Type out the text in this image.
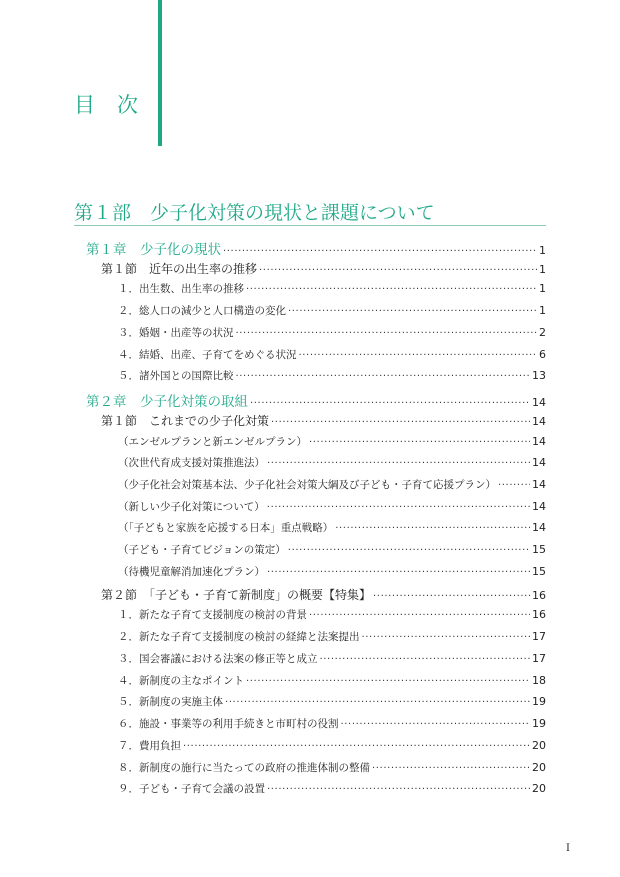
目 次
第１部　少子化対策の現状と課題について
第１章　少子化の現状 ·····	1
第１節　近年の出生率の推移 ·····	1
１．出生数、出生率の推移 ·····	1
２．総人口の減少と人口構造の変化 ·····	1
３．婚姻・出産等の状況 ·····	2
４．結婚、出産、子育てをめぐる状況 ·····	6
５．諸外国との国際比較 ·····	13
第２章　少子化対策の取組 ·····	14
第１節　これまでの少子化対策 ·····	14
（エンゼルプランと新エンゼルプラン） ·····	14
（次世代育成支援対策推進法） ·····	14
（少子化社会対策基本法、少子化社会対策大綱及び子ども・子育て応援プラン） ·····	14
（新しい少子化対策について） ·····	14
（「子どもと家族を応援する日本」重点戦略） ·····	14
（子ども・子育てビジョンの策定） ·····	15
（待機児童解消加速化プラン） ·····	15
第２節　「子ども・子育て新制度」の概要【特集】 ·····	16
１．新たな子育て支援制度の検討の背景 ·····	16
２．新たな子育て支援制度の検討の経緯と法案提出 ·····	17
３．国会審議における法案の修正等と成立 ·····	17
４．新制度の主なポイント ·····	18
５．新制度の実施主体 ·····	19
６．施設・事業等の利用手続きと市町村の役割 ·····	19
７．費用負担 ·····	20
８．新制度の施行に当たっての政府の推進体制の整備 ·····	20
９．子ども・子育て会議の設置 ·····	20
I
